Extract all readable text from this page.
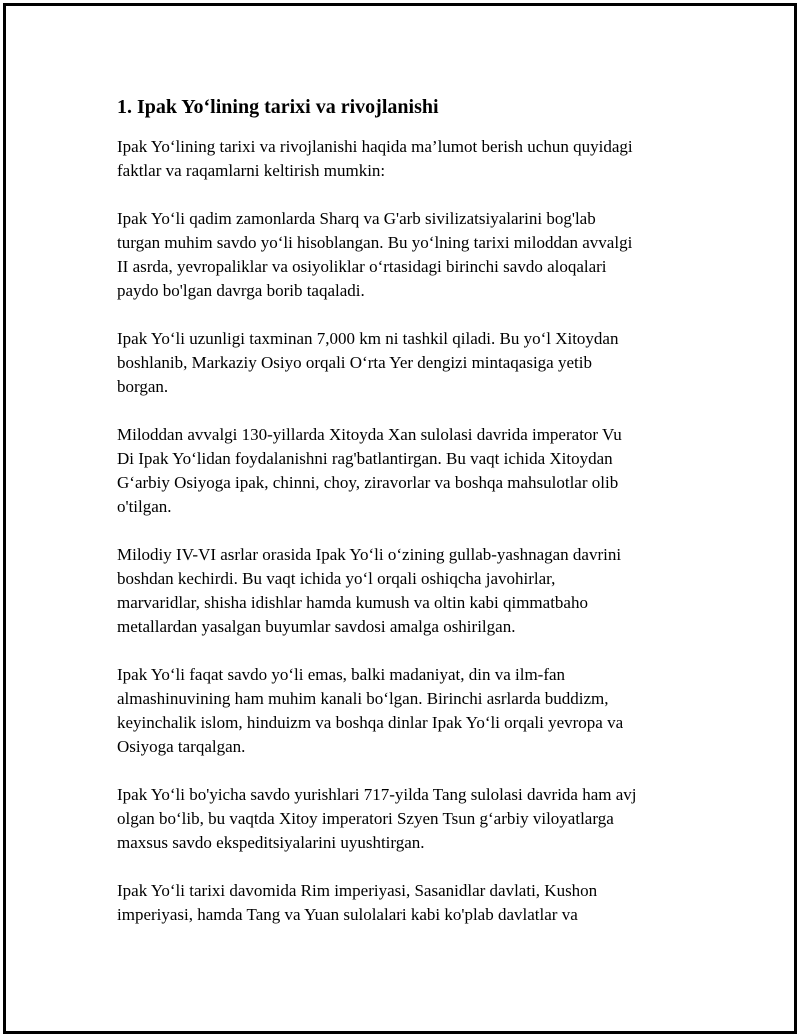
1. Ipak Yo‘lining tarixi va rivojlanishi

Ipak Yo‘lining tarixi va rivojlanishi haqida ma’lumot berish uchun quyidagi
faktlar va raqamlarni keltirish mumkin:

Ipak Yo‘li qadim zamonlarda Sharq va G'arb sivilizatsiyalarini bog'lab
turgan muhim savdo yo‘li hisoblangan. Bu yo‘lning tarixi miloddan avvalgi
II asrda, yevropaliklar va osiyoliklar o‘rtasidagi birinchi savdo aloqalari
paydo bo'lgan davrga borib taqaladi.

Ipak Yo‘li uzunligi taxminan 7,000 km ni tashkil qiladi. Bu yo‘l Xitoydan
boshlanib, Markaziy Osiyo orqali O‘rta Yer dengizi mintaqasiga yetib
borgan.

Miloddan avvalgi 130-yillarda Xitoyda Xan sulolasi davrida imperator Vu
Di Ipak Yo‘lidan foydalanishni rag'batlantirgan. Bu vaqt ichida Xitoydan
G‘arbiy Osiyoga ipak, chinni, choy, ziravorlar va boshqa mahsulotlar olib
o'tilgan.

Milodiy IV-VI asrlar orasida Ipak Yo‘li o‘zining gullab-yashnagan davrini
boshdan kechirdi. Bu vaqt ichida yo‘l orqali oshiqcha javohirlar,
marvaridlar, shisha idishlar hamda kumush va oltin kabi qimmatbaho
metallardan yasalgan buyumlar savdosi amalga oshirilgan.

Ipak Yo‘li faqat savdo yo‘li emas, balki madaniyat, din va ilm-fan
almashinuvining ham muhim kanali bo‘lgan. Birinchi asrlarda buddizm,
keyinchalik islom, hinduizm va boshqa dinlar Ipak Yo‘li orqali yevropa va
Osiyoga tarqalgan.

Ipak Yo‘li bo'yicha savdo yurishlari 717-yilda Tang sulolasi davrida ham avj
olgan bo‘lib, bu vaqtda Xitoy imperatori Szyen Tsun g‘arbiy viloyatlarga
maxsus savdo ekspeditsiyalarini uyushtirgan.

Ipak Yo‘li tarixi davomida Rim imperiyasi, Sasanidlar davlati, Kushon
imperiyasi, hamda Tang va Yuan sulolalari kabi ko'plab davlatlar va
